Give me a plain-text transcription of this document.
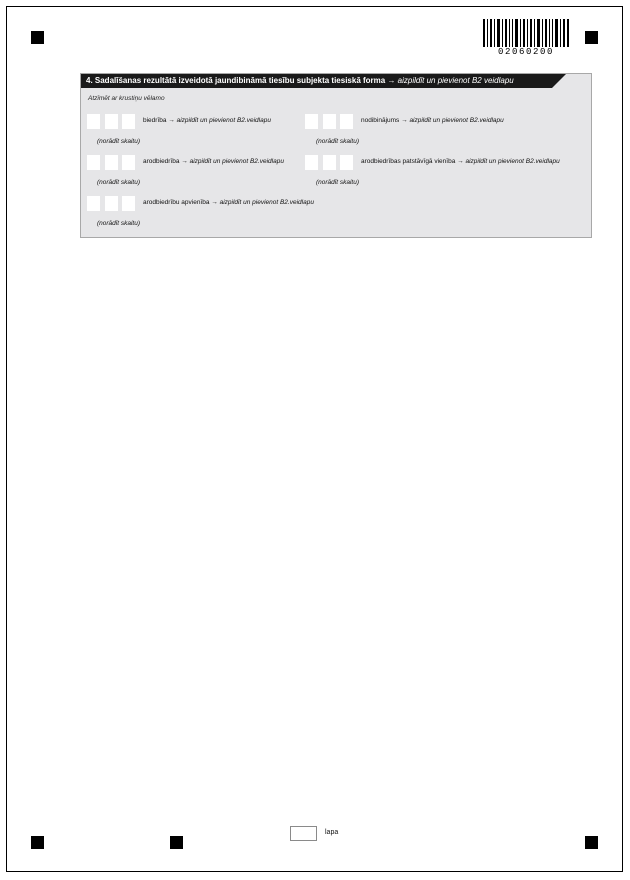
02060200
4. Sadalīšanas rezultātā izveidotā jaundibināmā tiesību subjekta tiesiskā forma → aizpildīt un pievienot B2 veidlapu
Atzīmēt ar krustiņu vēlamo
biedrība → aizpildīt un pievienot B2.veidlapu
(norādīt skaitu)
nodibinājums → aizpildīt un pievienot B2.veidlapu
(norādīt skaitu)
arodbiedrība → aizpildīt un pievienot B2.veidlapu
(norādīt skaitu)
arodbiedrības patstāvīgā vienība → aizpildīt un pievienot B2.veidlapu
(norādīt skaitu)
arodbiedrību apvienība → aizpildīt un pievienot B2.veidlapu
(norādīt skaitu)
lapa
